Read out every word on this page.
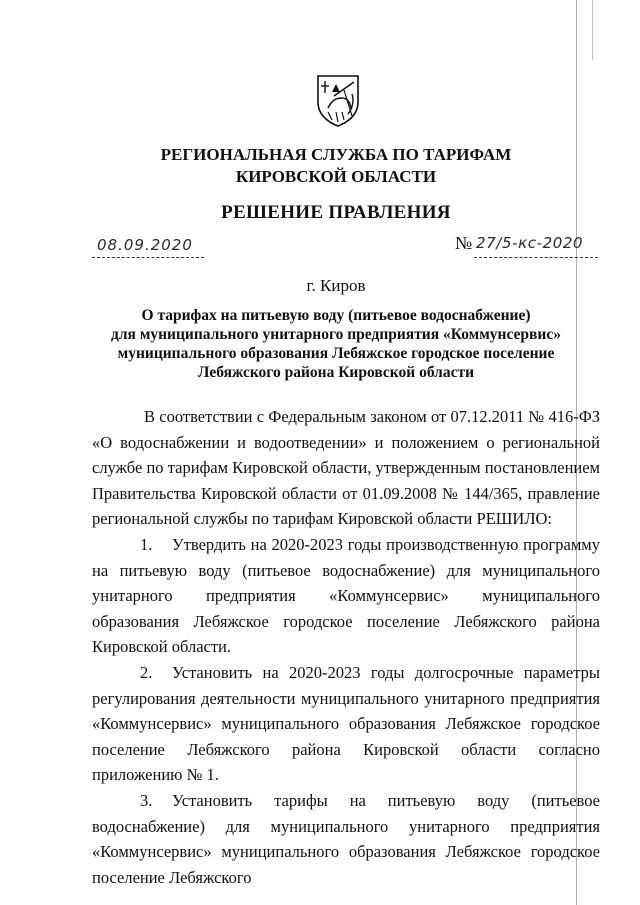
РЕГИОНАЛЬНАЯ СЛУЖБА ПО ТАРИФАМ
КИРОВСКОЙ ОБЛАСТИ
РЕШЕНИЕ ПРАВЛЕНИЯ
08.09.2020	№ 27/5-кс-2020
г. Киров
О тарифах на питьевую воду (питьевое водоснабжение)
для муниципального унитарного предприятия «Коммунсервис»
муниципального образования Лебяжское городское поселение
Лебяжского района Кировской области

В соответствии с Федеральным законом от 07.12.2011 № 416-ФЗ «О водоснабжении и водоотведении» и положением о региональной службе по тарифам Кировской области, утвержденным постановлением Правительства Кировской области от 01.09.2008 № 144/365, правление региональной службы по тарифам Кировской области РЕШИЛО:

1. Утвердить на 2020-2023 годы производственную программу на питьевую воду (питьевое водоснабжение) для муниципального унитарного предприятия «Коммунсервис» муниципального образования Лебяжское городское поселение Лебяжского района Кировской области.

2. Установить на 2020-2023 годы долгосрочные параметры регулирования деятельности муниципального унитарного предприятия «Коммунсервис» муниципального образования Лебяжское городское поселение Лебяжского района Кировской области согласно приложению № 1.

3. Установить тарифы на питьевую воду (питьевое водоснабжение) для муниципального унитарного предприятия «Коммунсервис» муниципального образования Лебяжское городское поселение Лебяжского
